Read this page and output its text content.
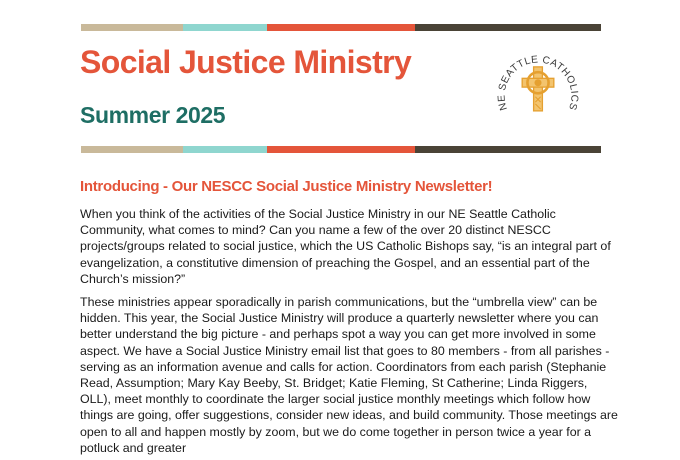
Social Justice Ministry
Summer 2025	NE SEATTLE CATHOLICS
Introducing - Our NESCC Social Justice Ministry Newsletter!

When you think of the activities of the Social Justice Ministry in our NE Seattle Catholic Community, what comes to mind? Can you name a few of the over 20 distinct NESCC projects/groups related to social justice, which the US Catholic Bishops say, “is an integral part of evangelization, a constitutive dimension of preaching the Gospel, and an essential part of the Church’s mission?”

These ministries appear sporadically in parish communications, but the “umbrella view” can be hidden. This year, the Social Justice Ministry will produce a quarterly newsletter where you can better understand the big picture - and perhaps spot a way you can get more involved in some aspect. We have a Social Justice Ministry email list that goes to 80 members - from all parishes - serving as an information avenue and calls for action. Coordinators from each parish (Stephanie Read, Assumption; Mary Kay Beeby, St. Bridget; Katie Fleming, St Catherine; Linda Riggers, OLL), meet monthly to coordinate the larger social justice monthly meetings which follow how things are going, offer suggestions, consider new ideas, and build community. Those meetings are open to all and happen mostly by zoom, but we do come together in person twice a year for a potluck and greater
